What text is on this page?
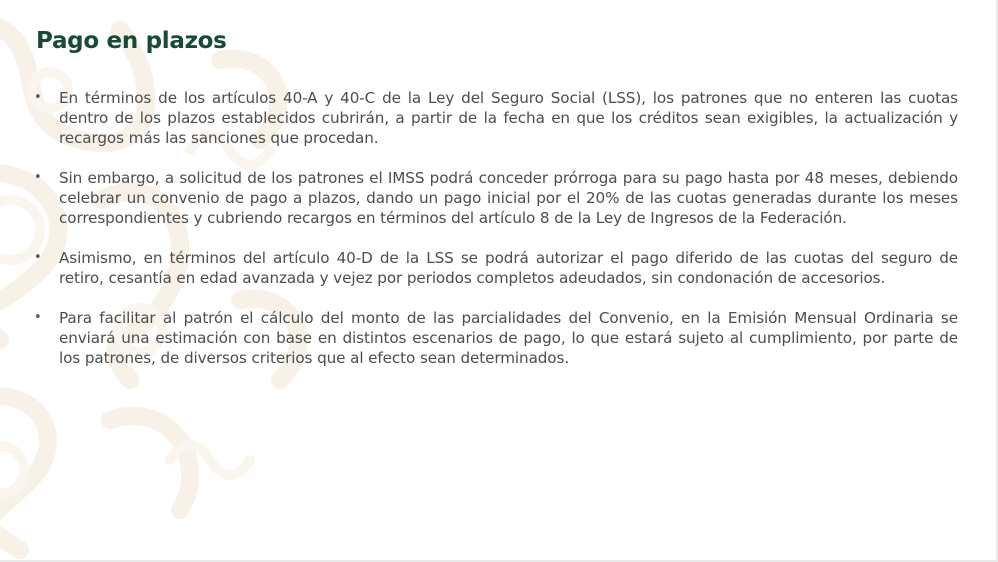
Pago en plazos
•	En términos de los artículos 40-A y 40-C de la Ley del Seguro Social (LSS), los patrones que no enteren las cuotas dentro de los plazos establecidos cubrirán, a partir de la fecha en que los créditos sean exigibles, la actualización y recargos más las sanciones que procedan.
•	Sin embargo, a solicitud de los patrones el IMSS podrá conceder prórroga para su pago hasta por 48 meses, debiendo celebrar un convenio de pago a plazos, dando un pago inicial por el 20% de las cuotas generadas durante los meses correspondientes y cubriendo recargos en términos del artículo 8 de la Ley de Ingresos de la Federación.
•	Asimismo, en términos del artículo 40-D de la LSS se podrá autorizar el pago diferido de las cuotas del seguro de retiro, cesantía en edad avanzada y vejez por periodos completos adeudados, sin condonación de accesorios.
•	Para facilitar al patrón el cálculo del monto de las parcialidades del Convenio, en la Emisión Mensual Ordinaria se enviará una estimación con base en distintos escenarios de pago, lo que estará sujeto al cumplimiento, por parte de los patrones, de diversos criterios que al efecto sean determinados.
